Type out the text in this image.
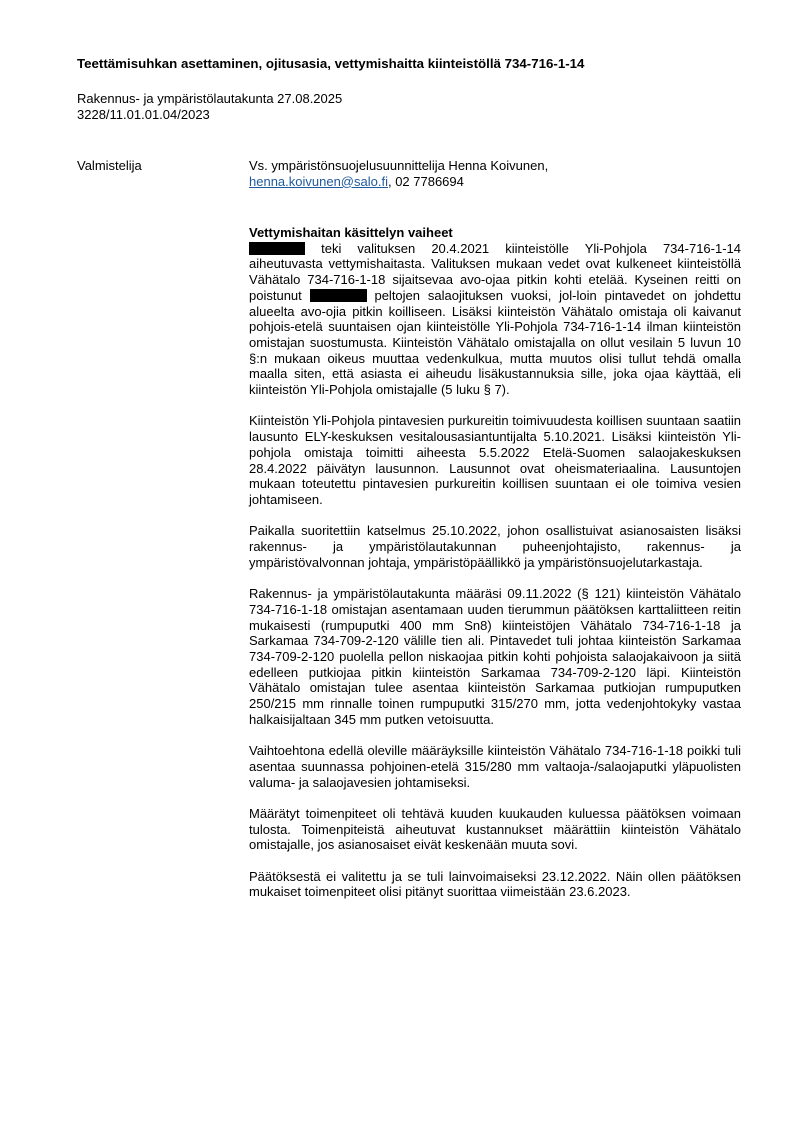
Teettämisuhkan asettaminen, ojitusasia, vettymishaitta kiinteistöllä 734-716-1-14
Rakennus- ja ympäristölautakunta 27.08.2025
3228/11.01.01.04/2023
Valmistelija	Vs. ympäristönsuojelusuunnittelija Henna Koivunen,
henna.koivunen@salo.fi, 02 7786694
Vettymishaitan käsittelyn vaiheet

teki valituksen 20.4.2021 kiinteistölle Yli-Pohjola 734-716-1-14 aiheutuvasta vettymishaitasta. Valituksen mukaan vedet ovat kulkeneet kiinteistöllä Vähätalo 734-716-1-18 sijaitsevaa avo-ojaa pitkin kohti etelää. Kyseinen reitti on poistunut	peltojen salaojituksen vuoksi, jol-loin pintavedet on johdettu alueelta avo-ojia pitkin koilliseen. Lisäksi kiinteistön Vähätalo omistaja oli kaivanut pohjois-etelä suuntaisen ojan kiinteistölle Yli-Pohjola 734-716-1-14 ilman kiinteistön omistajan suostumusta. Kiinteistön Vähätalo omistajalla on ollut vesilain 5 luvun 10 §:n mukaan oikeus muuttaa vedenkulkua, mutta muutos olisi tullut tehdä omalla maalla siten, että asiasta ei aiheudu lisäkustannuksia sille, joka ojaa käyttää, eli kiinteistön Yli-Pohjola omistajalle (5 luku § 7).

Kiinteistön Yli-Pohjola pintavesien purkureitin toimivuudesta koillisen suuntaan saatiin lausunto ELY-keskuksen vesitalousasiantuntijalta 5.10.2021. Lisäksi kiinteistön Yli-pohjola omistaja toimitti aiheesta 5.5.2022 Etelä-Suomen salaojakeskuksen 28.4.2022 päivätyn lausunnon. Lausunnot ovat oheismateriaalina. Lausuntojen mukaan toteutettu pintavesien purkureitin koillisen suuntaan ei ole toimiva vesien johtamiseen.

Paikalla suoritettiin katselmus 25.10.2022, johon osallistuivat asianosaisten lisäksi rakennus- ja ympäristölautakunnan puheenjohtajisto, rakennus- ja ympäristövalvonnan johtaja, ympäristöpäällikkö ja ympäristönsuojelutarkastaja.

Rakennus- ja ympäristölautakunta määräsi 09.11.2022 (§ 121) kiinteistön Vähätalo 734-716-1-18 omistajan asentamaan uuden tierummun päätöksen karttaliitteen reitin mukaisesti (rumpuputki 400 mm Sn8) kiinteistöjen Vähätalo 734-716-1-18 ja Sarkamaa 734-709-2-120 välille tien ali. Pintavedet tuli johtaa kiinteistön Sarkamaa 734-709-2-120 puolella pellon niskaojaa pitkin kohti pohjoista salaojakaivoon ja siitä edelleen putkiojaa pitkin kiinteistön Sarkamaa 734-709-2-120 läpi. Kiinteistön Vähätalo omistajan tulee asentaa kiinteistön Sarkamaa putkiojan rumpuputken 250/215 mm rinnalle toinen rumpuputki 315/270 mm, jotta vedenjohtokyky vastaa halkaisijaltaan 345 mm putken vetoisuutta.

Vaihtoehtona edellä oleville määräyksille kiinteistön Vähätalo 734-716-1-18 poikki tuli asentaa suunnassa pohjoinen-etelä 315/280 mm valtaoja-/salaojaputki yläpuolisten valuma- ja salaojavesien johtamiseksi.

Määrätyt toimenpiteet oli tehtävä kuuden kuukauden kuluessa päätöksen voimaan tulosta. Toimenpiteistä aiheutuvat kustannukset määrättiin kiinteistön Vähätalo omistajalle, jos asianosaiset eivät keskenään muuta sovi.

Päätöksestä ei valitettu ja se tuli lainvoimaiseksi 23.12.2022. Näin ollen päätöksen mukaiset toimenpiteet olisi pitänyt suorittaa viimeistään 23.6.2023.
